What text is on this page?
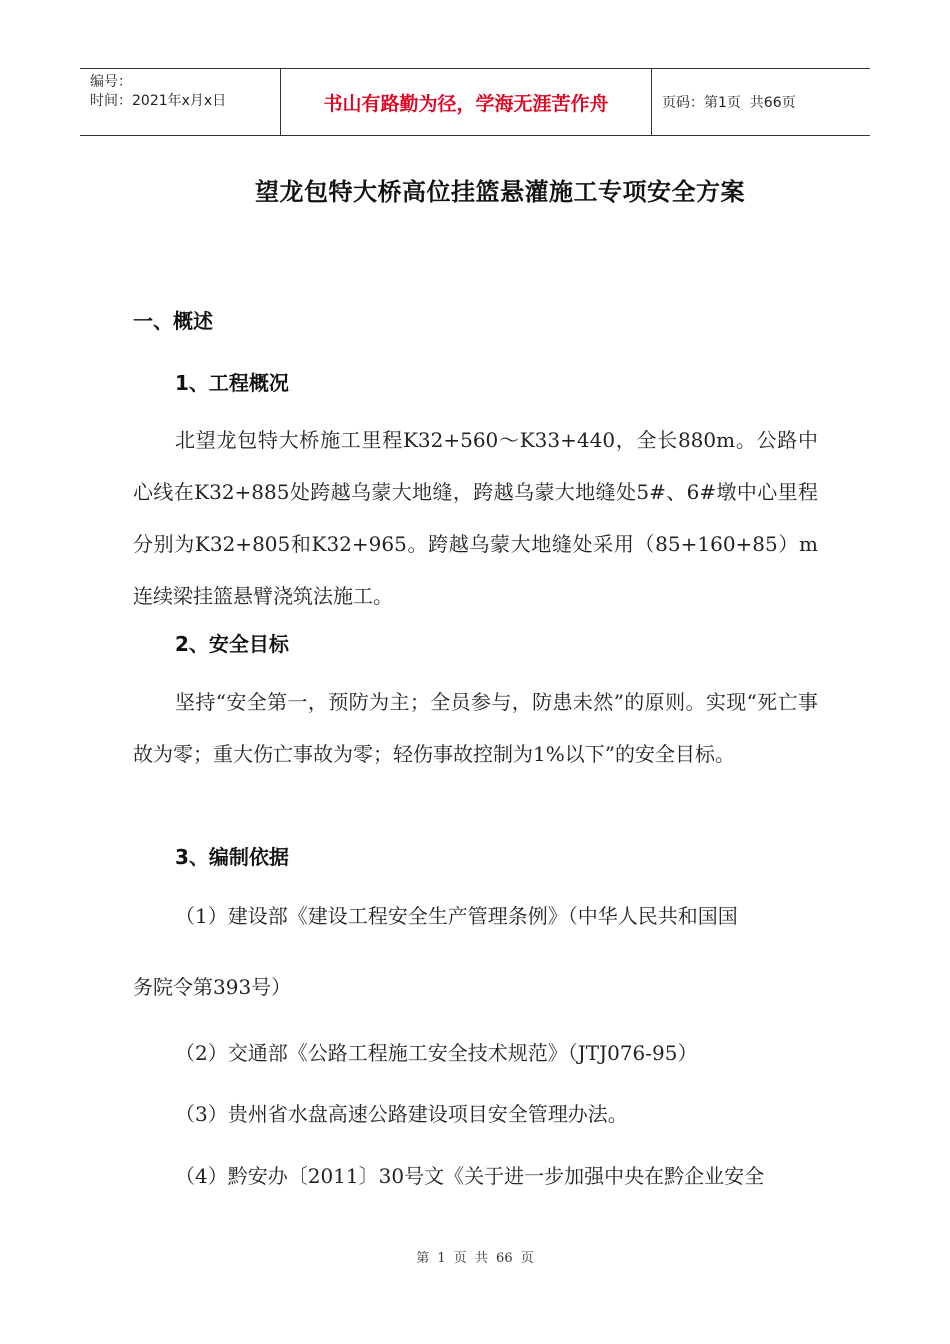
编号：
时间：2021年x月x日	书山有路勤为径，学海无涯苦作舟	页码：第1页  共66页
望龙包特大桥高位挂篮悬灌施工专项安全方案
一、概述
1、工程概况
北望龙包特大桥施工里程K32+560～K33+440，全长880m。公路中心线在K32+885处跨越乌蒙大地缝，跨越乌蒙大地缝处5#、6#墩中心里程分别为K32+805和K32+965。跨越乌蒙大地缝处采用（85+160+85）m连续梁挂篮悬臂浇筑法施工。
2、安全目标
坚持“安全第一，预防为主；全员参与，防患未然”的原则。实现“死亡事故为零；重大伤亡事故为零；轻伤事故控制为1%以下”的安全目标。
3、编制依据
（1）建设部《建设工程安全生产管理条例》（中华人民共和国国
务院令第393号）
（2）交通部《公路工程施工安全技术规范》（JTJ076-95）
（3）贵州省水盘高速公路建设项目安全管理办法。
（4）黔安办〔2011〕30号文《关于进一步加强中央在黔企业安全
第 1 页 共 66 页
